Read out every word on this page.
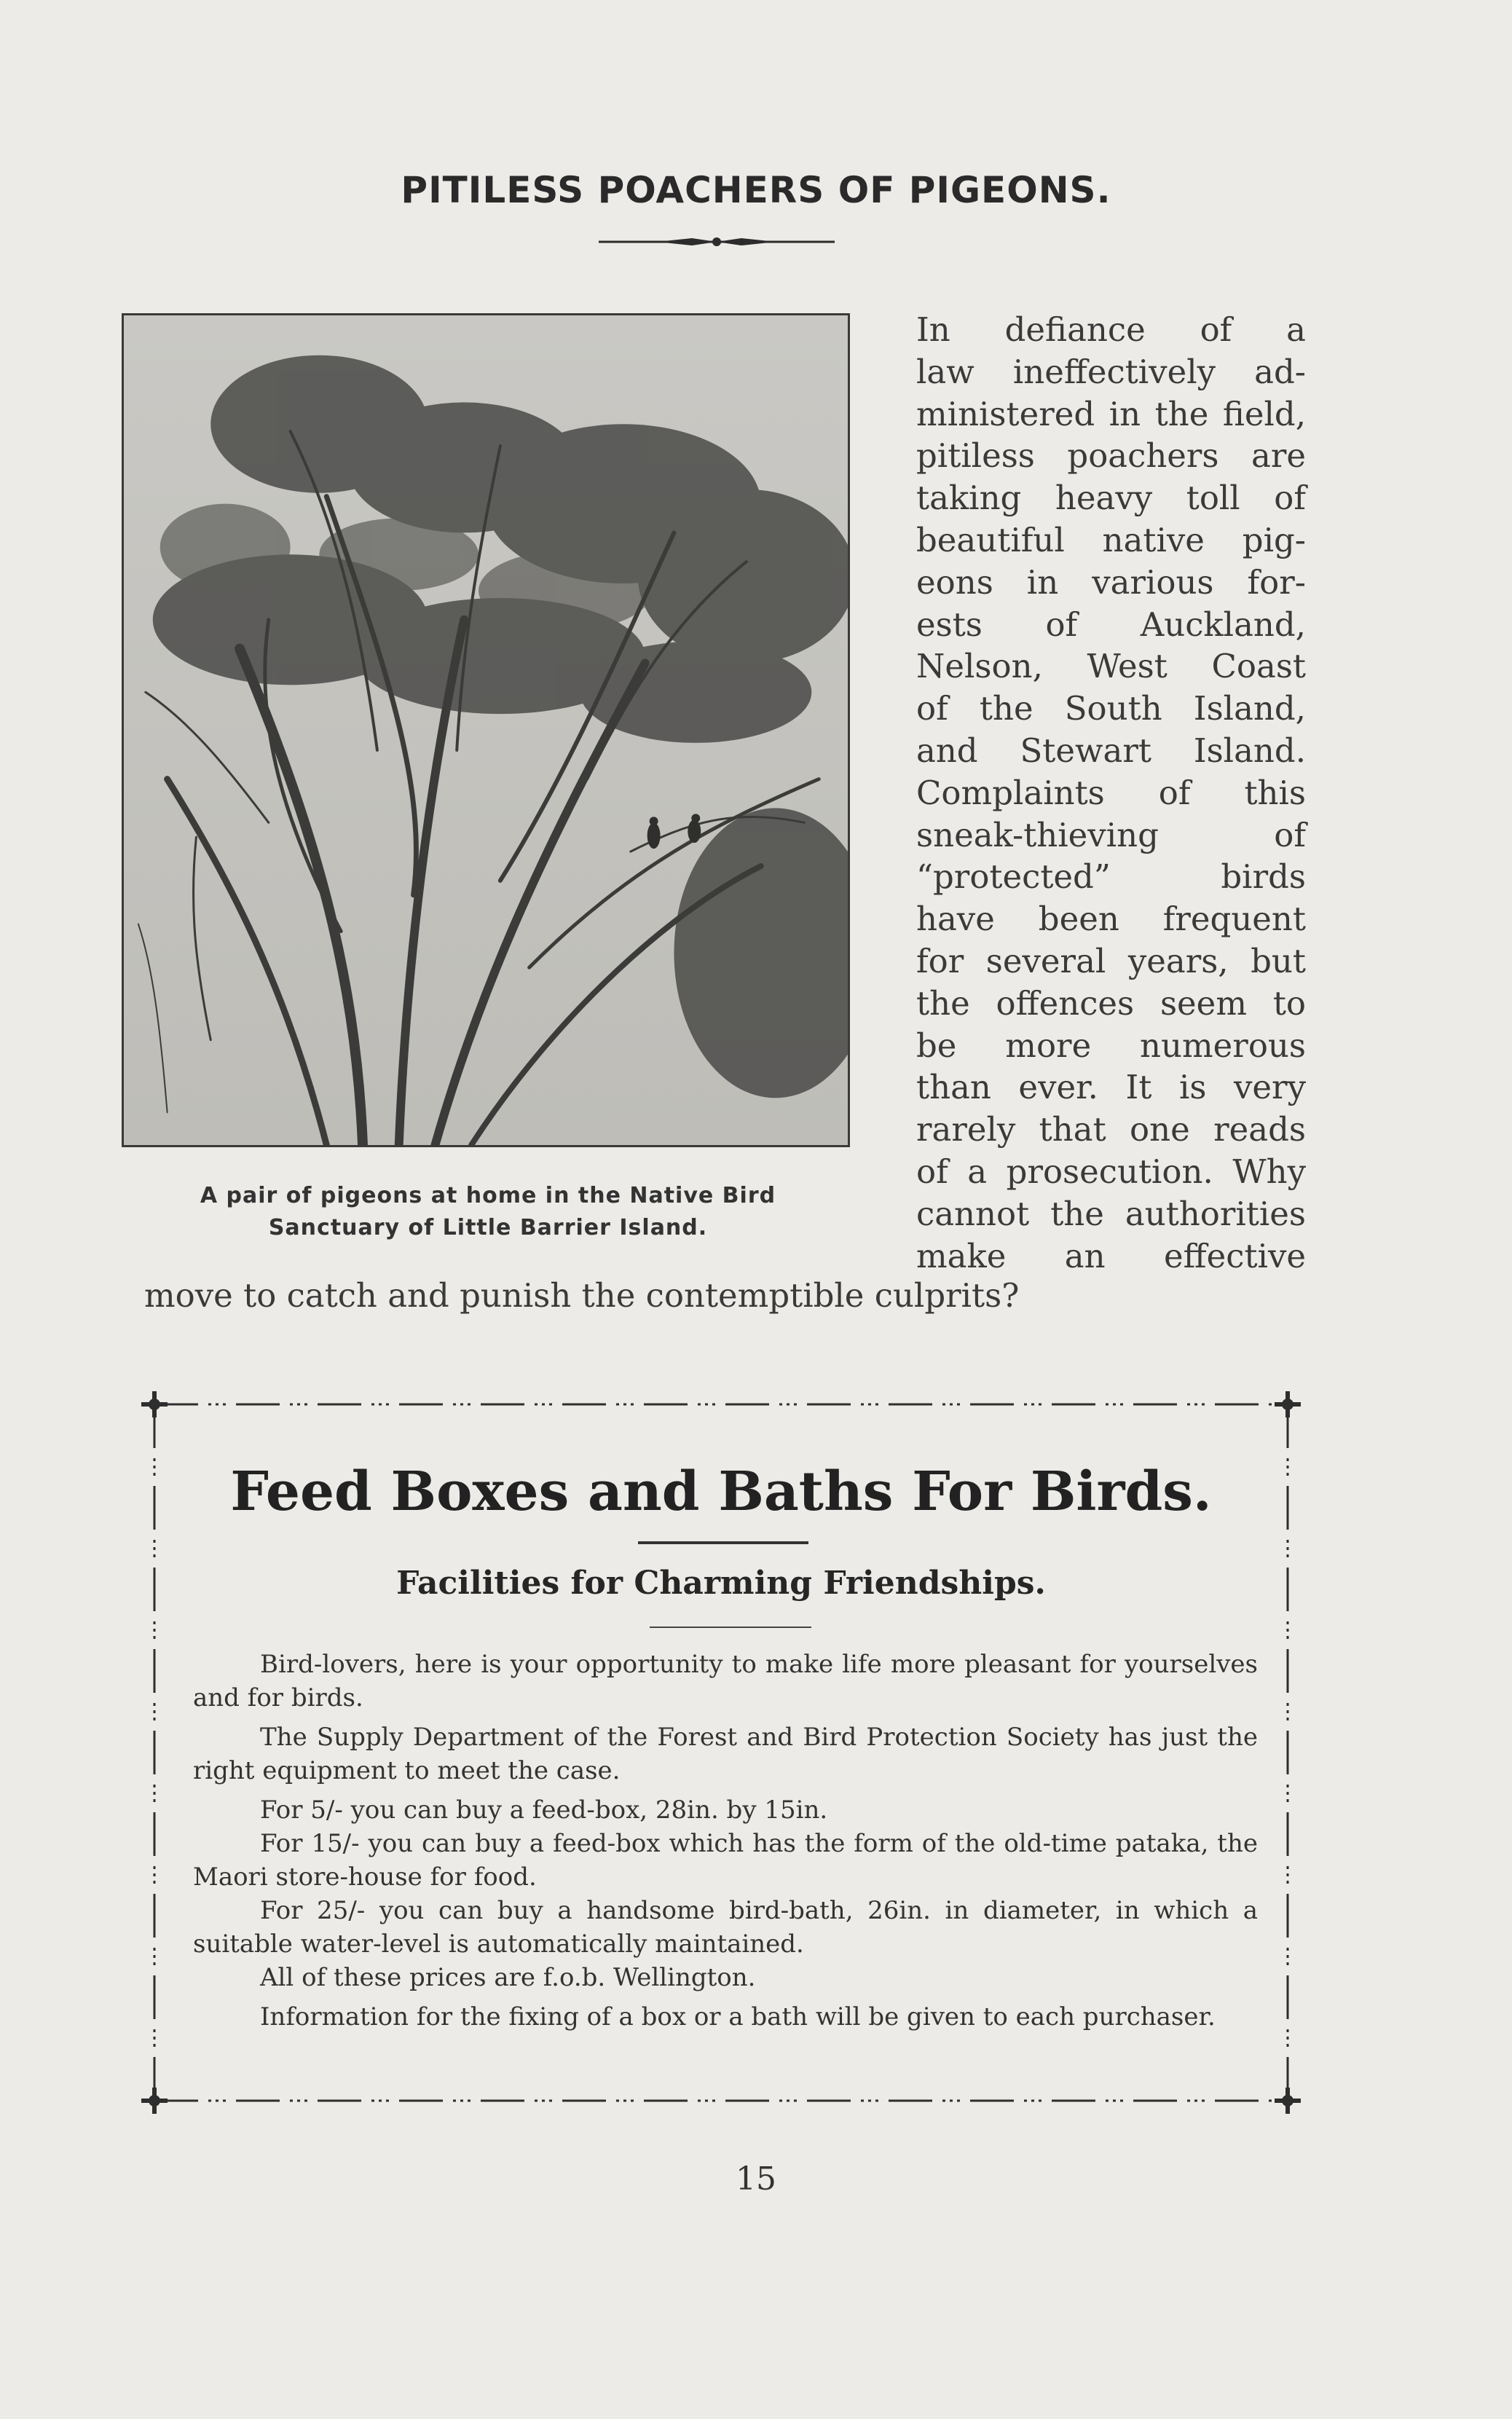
PITILESS POACHERS OF PIGEONS.
A pair of pigeons at home in the Native Bird
Sanctuary of Little Barrier Island.
In defiance of a
law ineffectively ad-
ministered in the field,
pitiless poachers are
taking heavy toll of
beautiful native pig-
eons in various for-
ests of Auckland,
Nelson, West Coast
of the South Island,
and Stewart Island.
Complaints of this
sneak-thieving of
“protected” birds
have been frequent
for several years, but
the offences seem to
be more numerous
than ever. It is very
rarely that one reads
of a prosecution. Why
cannot the authorities
make an effective
move to catch and punish the contemptible culprits?
Feed Boxes and Baths For Birds.
Facilities for Charming Friendships.

Bird-lovers, here is your opportunity to make life more pleasant for yourselves and for birds.

The Supply Department of the Forest and Bird Protection Society has just the right equipment to meet the case.

For 5/- you can buy a feed-box, 28in. by 15in.

For 15/- you can buy a feed-box which has the form of the old-time pataka, the Maori store-house for food.

For 25/- you can buy a handsome bird-bath, 26in. in diameter, in which a suitable water-level is automatically maintained.

All of these prices are f.o.b. Wellington.

Information for the fixing of a box or a bath will be given to each purchaser.

15
